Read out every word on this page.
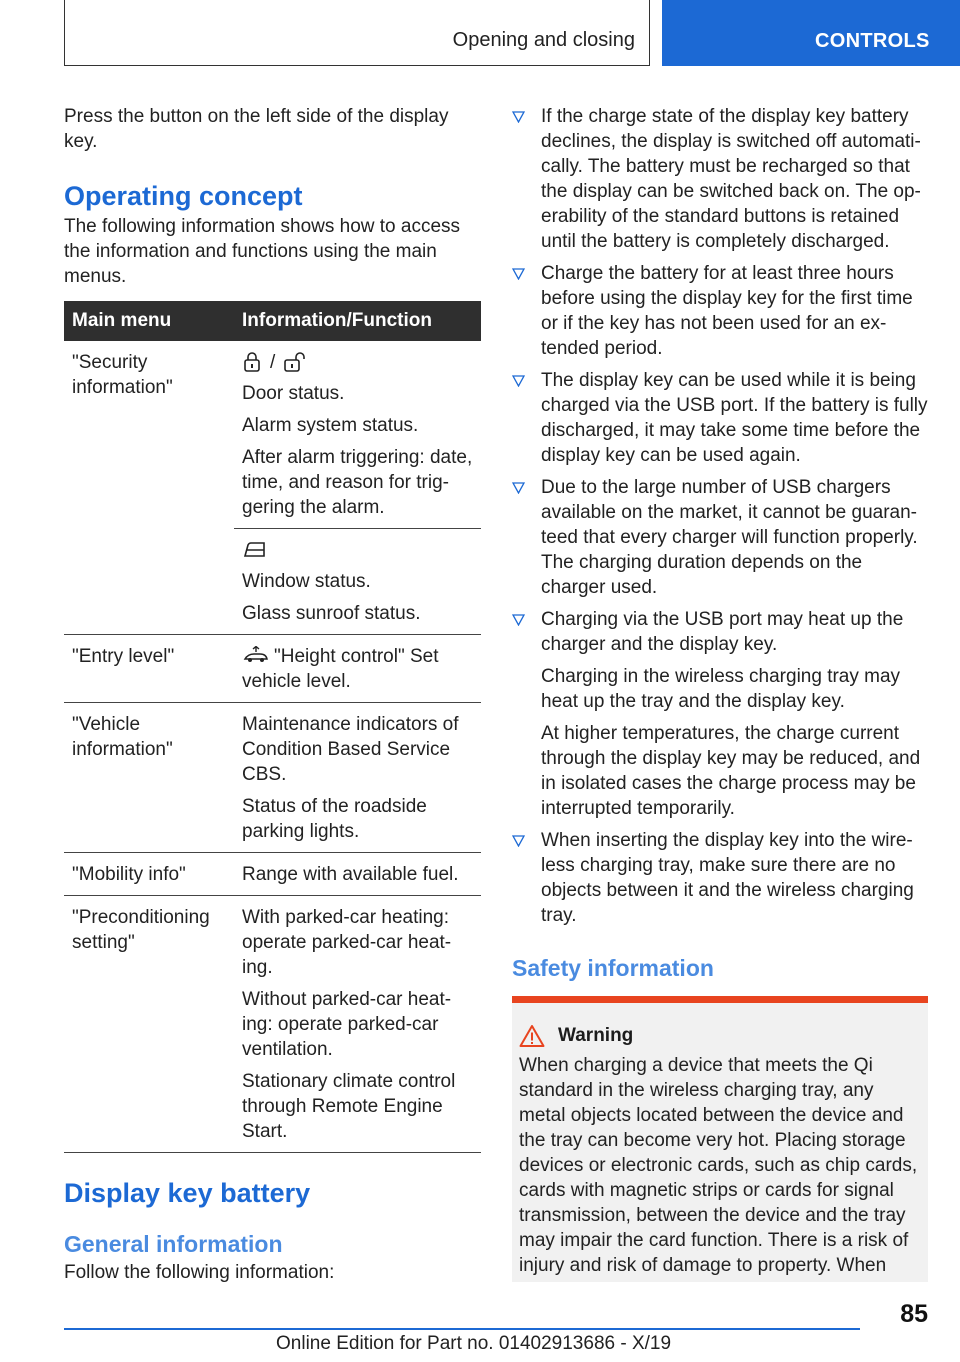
Opening and closing	CONTROLS

Press the button on the left side of the display key.

Operating concept

The following information shows how to access the information and functions using the main menus.

Main menu	Information/Function
"Security information"	/

Door status.

Alarm system status.

After alarm triggering: date, time, and reason for trig-gering the alarm.

	Window status.

Glass sunroof status.

"Entry level"	"Height control" Set vehicle level.

"Vehicle information"	Maintenance indicators of Condition Based Service CBS.

Status of the roadside parking lights.

"Mobility info"	Range with available fuel.
"Preconditioning setting"	With parked-car heating: operate parked-car heat-ing.

Without parked-car heat-ing: operate parked-car ventilation.

Stationary climate control through Remote Engine Start.

Display key battery
General information

Follow the following information:

If the charge state of the display key battery declines, the display is switched off automati-cally. The battery must be recharged so that the display can be switched back on. The op-erability of the standard buttons is retained until the battery is completely discharged.

Charge the battery for at least three hours before using the display key for the first time or if the key has not been used for an ex-tended period.

The display key can be used while it is being charged via the USB port. If the battery is fully discharged, it may take some time before the display key can be used again.

Due to the large number of USB chargers available on the market, it cannot be guaran-teed that every charger will function properly. The charging duration depends on the charger used.

Charging via the USB port may heat up the charger and the display key.

Charging in the wireless charging tray may heat up the tray and the display key.

At higher temperatures, the charge current through the display key may be reduced, and in isolated cases the charge process may be interrupted temporarily.

When inserting the display key into the wire-less charging tray, make sure there are no objects between it and the wireless charging tray.

Safety information
Warning

When charging a device that meets the Qi standard in the wireless charging tray, any metal objects located between the device and the tray can become very hot. Placing storage devices or electronic cards, such as chip cards, cards with magnetic strips or cards for signal transmission, between the device and the tray may impair the card function. There is a risk of injury and risk of damage to property. When

85
Online Edition for Part no. 01402913686 - X/19
